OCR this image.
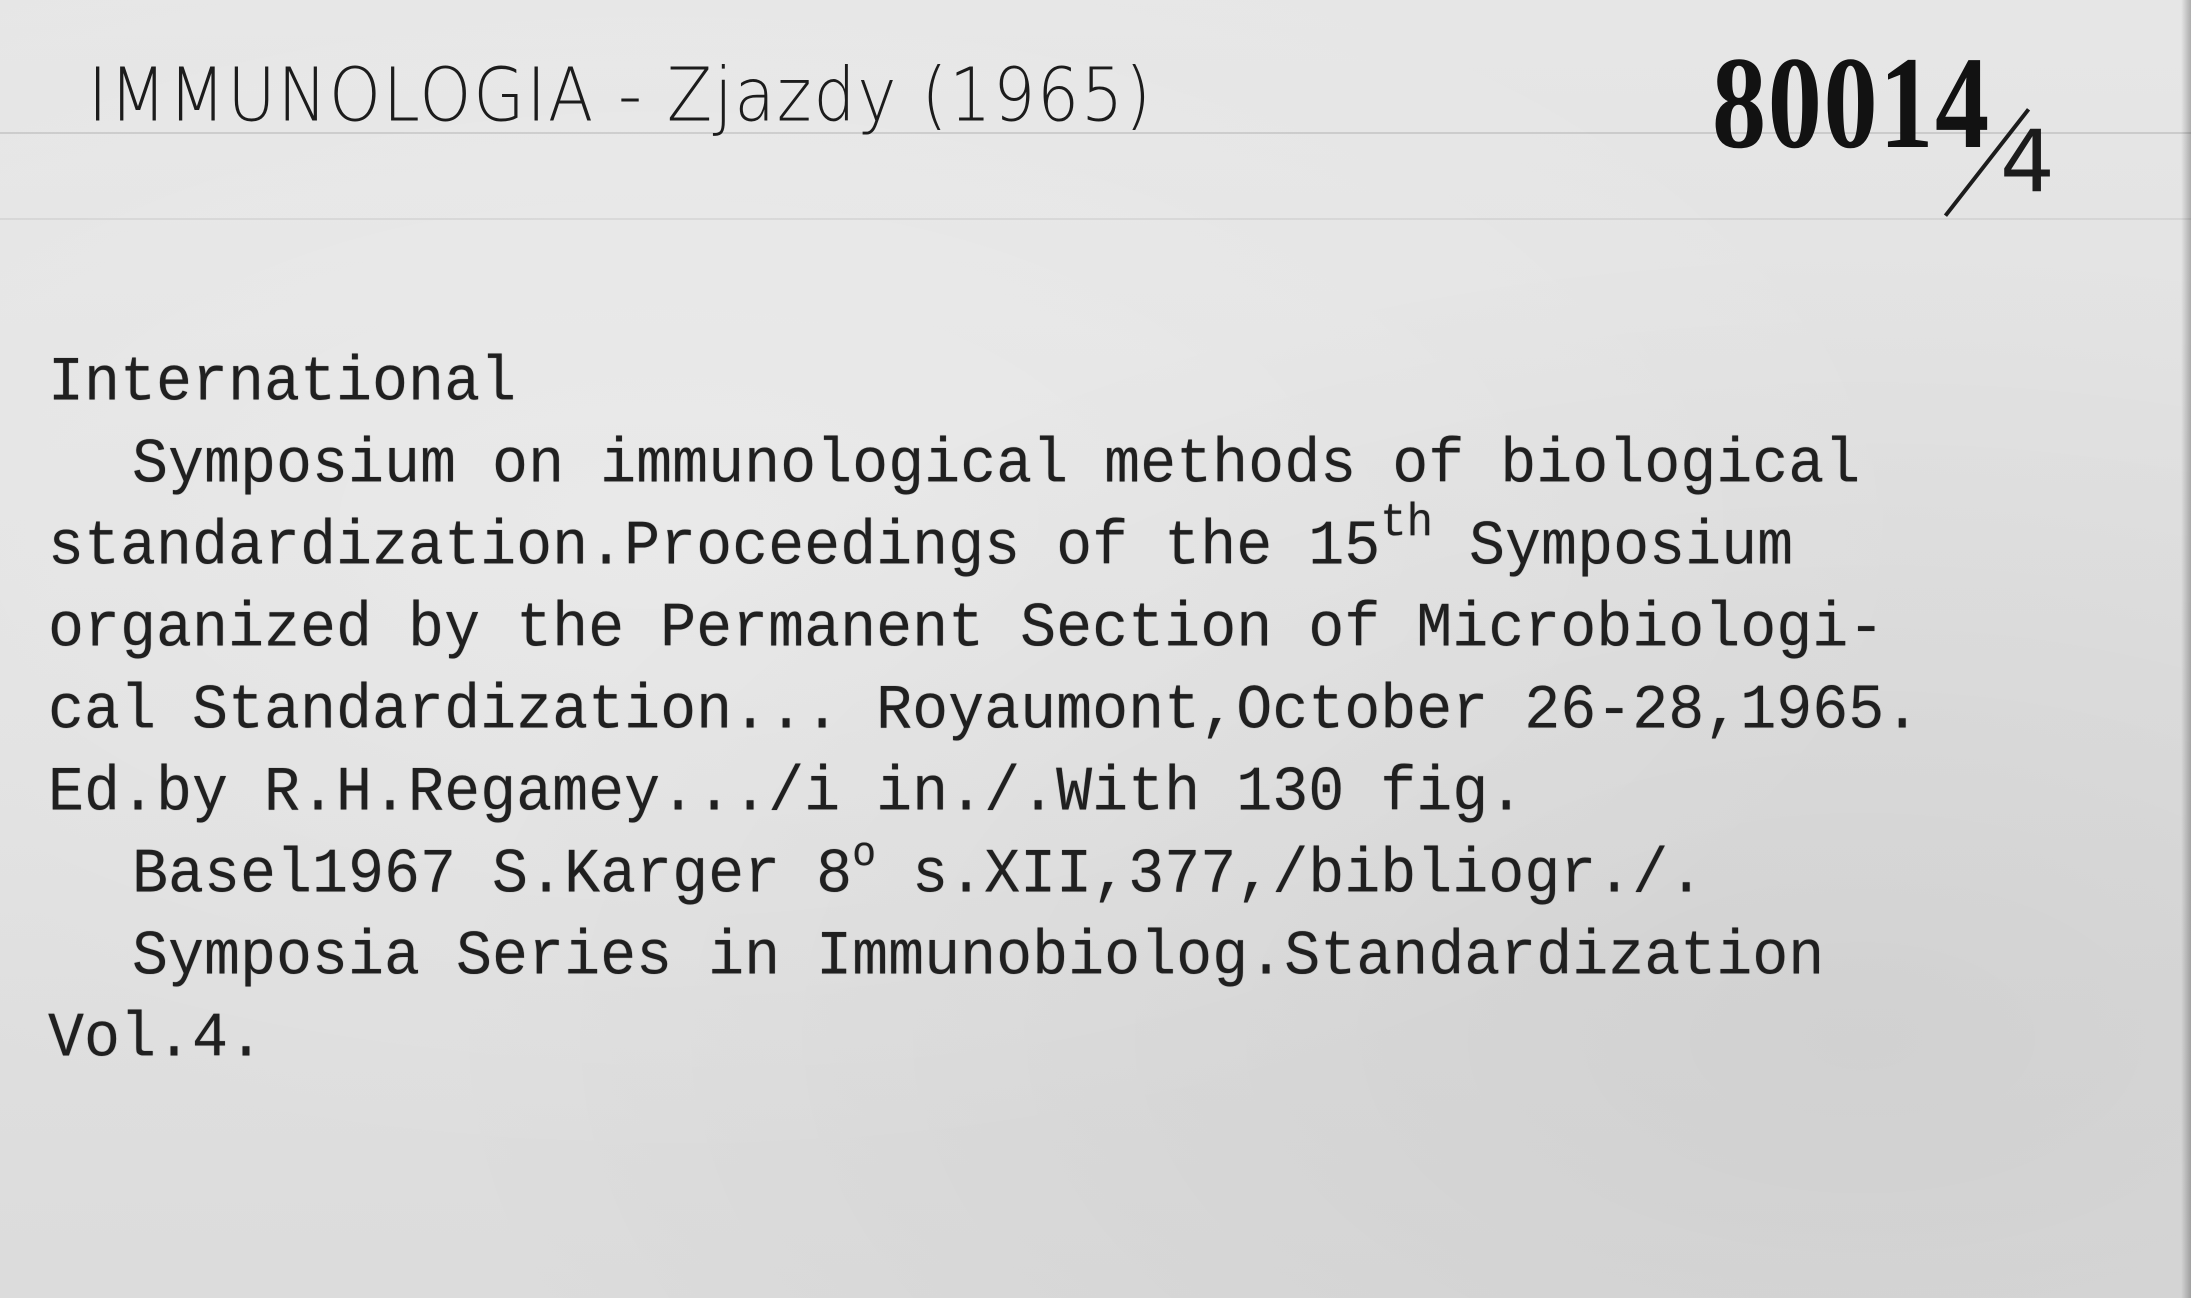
IMMUNOLOGIA - Zjazdy (1965)	80014 4
International
Symposium on immunological methods of biological
standardization.Proceedings of the 15th Symposium
organized by the Permanent Section of Microbiologi-
cal Standardization... Royaumont,October 26-28,1965.
Ed.by R.H.Regamey.../i in./.With 130 fig.
Basel1967 S.Karger 8$^o$ s.XII,377,/bibliogr./.
Symposia Series in Immunobiolog.Standardization
Vol.4.
